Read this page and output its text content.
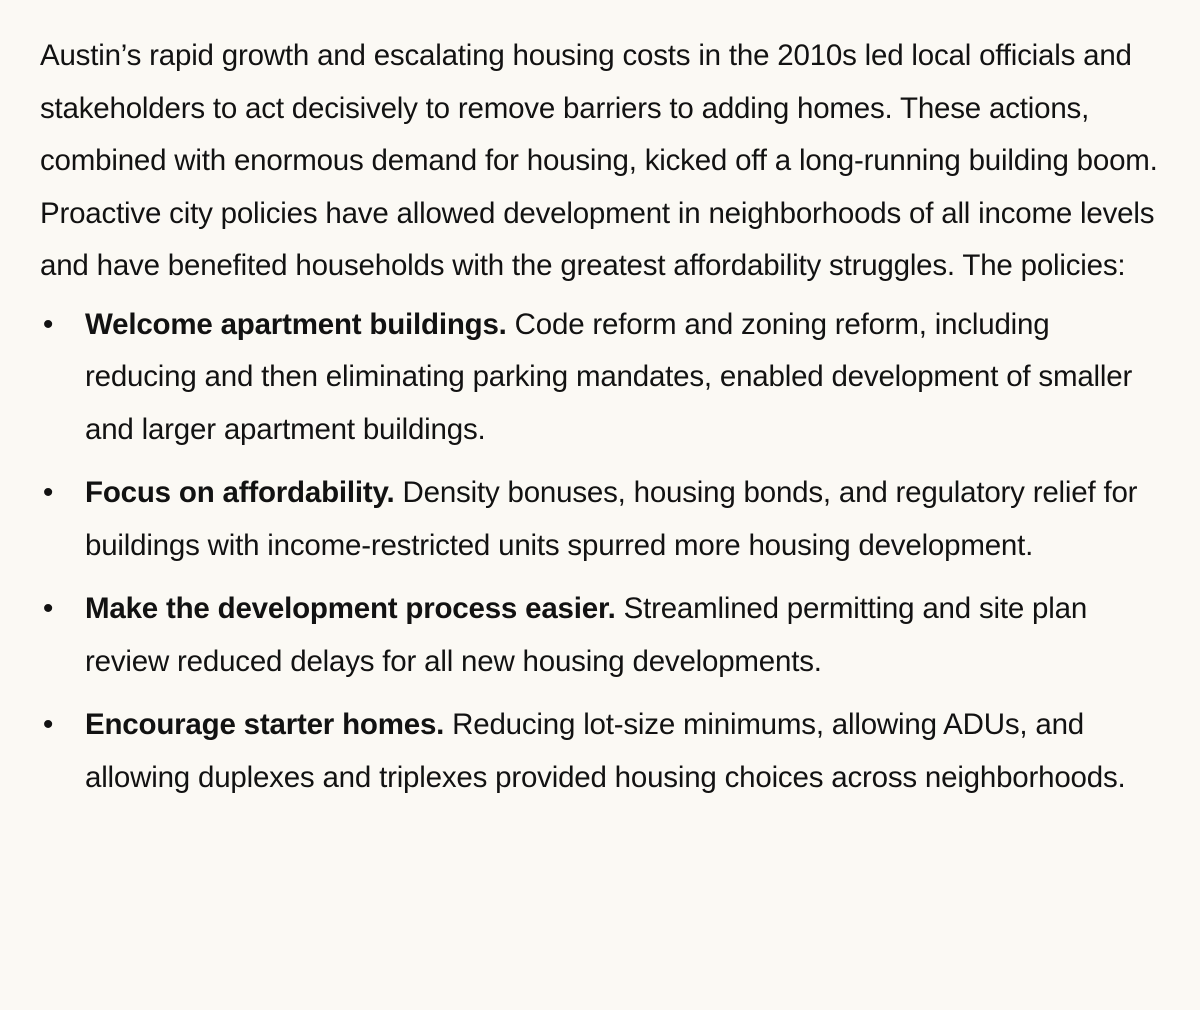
Austin’s rapid growth and escalating housing costs in the 2010s led local officials and stakeholders to act decisively to remove barriers to adding homes. These actions, combined with enormous demand for housing, kicked off a long-running building boom. Proactive city policies have allowed development in neighborhoods of all income levels and have benefited households with the greatest affordability struggles. The policies:

•	Welcome apartment buildings. Code reform and zoning reform, including reducing and then eliminating parking mandates, enabled development of smaller and larger apartment buildings.
•	Focus on affordability. Density bonuses, housing bonds, and regulatory relief for buildings with income-restricted units spurred more housing development.
•	Make the development process easier. Streamlined permitting and site plan review reduced delays for all new housing developments.
•	Encourage starter homes. Reducing lot-size minimums, allowing ADUs, and allowing duplexes and triplexes provided housing choices across neighborhoods.
